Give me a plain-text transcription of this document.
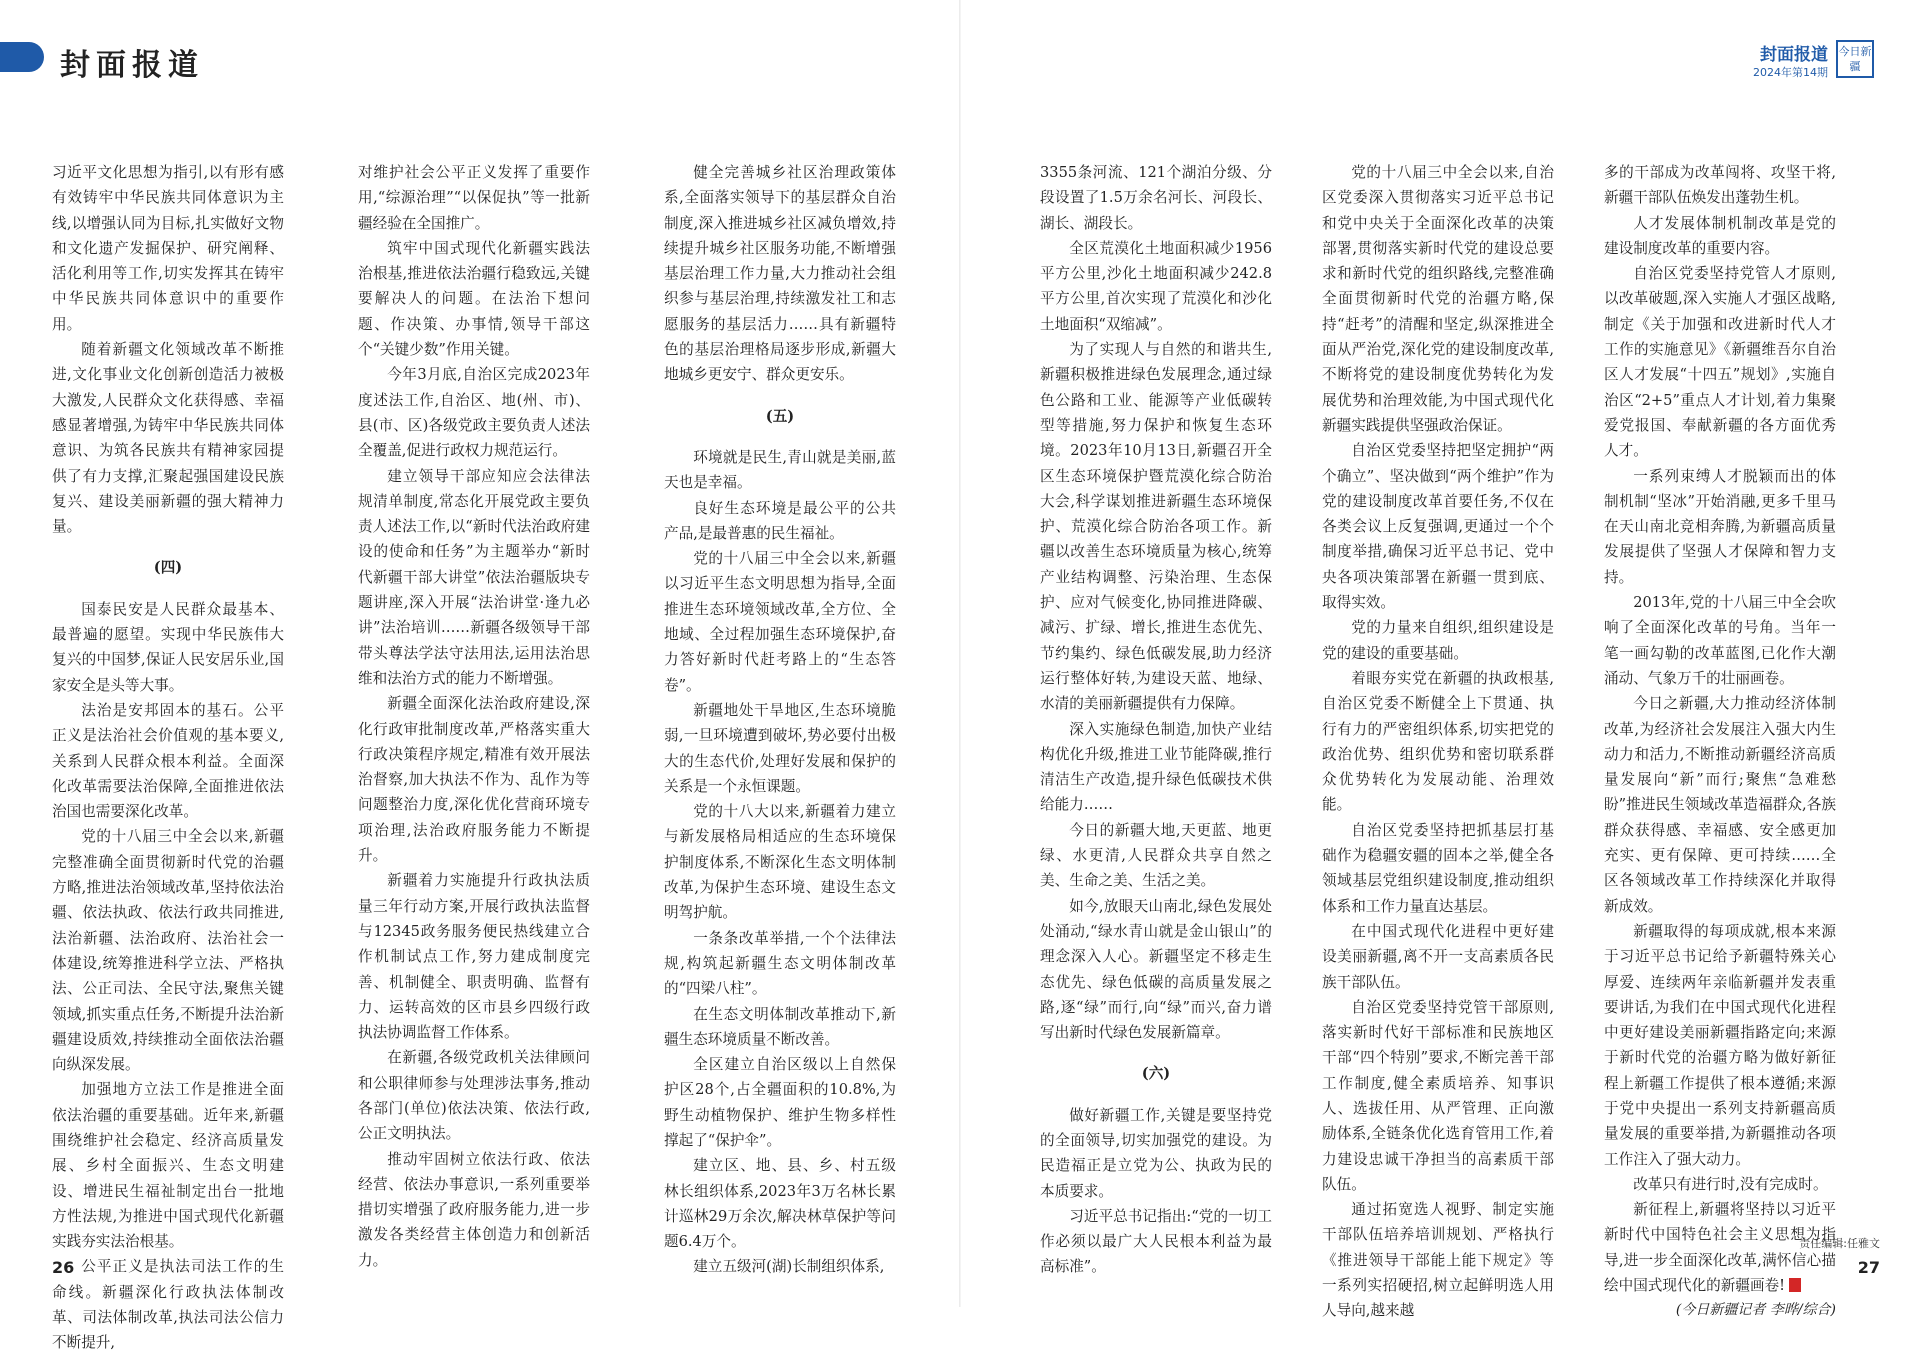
封面报道

习近平文化思想为指引,以有形有感有效铸牢中华民族共同体意识为主线,以增强认同为目标,扎实做好文物和文化遗产发掘保护、研究阐释、活化利用等工作,切实发挥其在铸牢中华民族共同体意识中的重要作用。

随着新疆文化领域改革不断推进,文化事业文化创新创造活力被极大激发,人民群众文化获得感、幸福感显著增强,为铸牢中华民族共同体意识、为筑各民族共有精神家园提供了有力支撑,汇聚起强国建设民族复兴、建设美丽新疆的强大精神力量。

(四)

国泰民安是人民群众最基本、最普遍的愿望。实现中华民族伟大复兴的中国梦,保证人民安居乐业,国家安全是头等大事。

法治是安邦固本的基石。公平正义是法治社会价值观的基本要义,关系到人民群众根本利益。全面深化改革需要法治保障,全面推进依法治国也需要深化改革。

党的十八届三中全会以来,新疆完整准确全面贯彻新时代党的治疆方略,推进法治领域改革,坚持依法治疆、依法执政、依法行政共同推进,法治新疆、法治政府、法治社会一体建设,统筹推进科学立法、严格执法、公正司法、全民守法,聚焦关键领域,抓实重点任务,不断提升法治新疆建设质效,持续推动全面依法治疆向纵深发展。

加强地方立法工作是推进全面依法治疆的重要基础。近年来,新疆围绕维护社会稳定、经济高质量发展、乡村全面振兴、生态文明建设、增进民生福祉制定出台一批地方性法规,为推进中国式现代化新疆实践夯实法治根基。

公平正义是执法司法工作的生命线。新疆深化行政执法体制改革、司法体制改革,执法司法公信力不断提升,

对维护社会公平正义发挥了重要作用,“综源治理”“以保促执”等一批新疆经验在全国推广。

筑牢中国式现代化新疆实践法治根基,推进依法治疆行稳致远,关键要解决人的问题。在法治下想问题、作决策、办事情,领导干部这个“关键少数”作用关键。

今年3月底,自治区完成2023年度述法工作,自治区、地(州、市)、县(市、区)各级党政主要负责人述法全覆盖,促进行政权力规范运行。

建立领导干部应知应会法律法规清单制度,常态化开展党政主要负责人述法工作,以“新时代法治政府建设的使命和任务”为主题举办“新时代新疆干部大讲堂”依法治疆版块专题讲座,深入开展“法治讲堂·逢九必讲”法治培训……新疆各级领导干部带头尊法学法守法用法,运用法治思维和法治方式的能力不断增强。

新疆全面深化法治政府建设,深化行政审批制度改革,严格落实重大行政决策程序规定,精准有效开展法治督察,加大执法不作为、乱作为等问题整治力度,深化优化营商环境专项治理,法治政府服务能力不断提升。

新疆着力实施提升行政执法质量三年行动方案,开展行政执法监督与12345政务服务便民热线建立合作机制试点工作,努力建成制度完善、机制健全、职责明确、监督有力、运转高效的区市县乡四级行政执法协调监督工作体系。

在新疆,各级党政机关法律顾问和公职律师参与处理涉法事务,推动各部门(单位)依法决策、依法行政,公正文明执法。

推动牢固树立依法行政、依法经营、依法办事意识,一系列重要举措切实增强了政府服务能力,进一步激发各类经营主体创造力和创新活力。

健全完善城乡社区治理政策体系,全面落实领导下的基层群众自治制度,深入推进城乡社区减负增效,持续提升城乡社区服务功能,不断增强基层治理工作力量,大力推动社会组织参与基层治理,持续激发社工和志愿服务的基层活力……具有新疆特色的基层治理格局逐步形成,新疆大地城乡更安宁、群众更安乐。

(五)

环境就是民生,青山就是美丽,蓝天也是幸福。

良好生态环境是最公平的公共产品,是最普惠的民生福祉。

党的十八届三中全会以来,新疆以习近平生态文明思想为指导,全面推进生态环境领域改革,全方位、全地域、全过程加强生态环境保护,奋力答好新时代赶考路上的“生态答卷”。

新疆地处干旱地区,生态环境脆弱,一旦环境遭到破坏,势必要付出极大的生态代价,处理好发展和保护的关系是一个永恒课题。

党的十八大以来,新疆着力建立与新发展格局相适应的生态环境保护制度体系,不断深化生态文明体制改革,为保护生态环境、建设生态文明驾护航。

一条条改革举措,一个个法律法规,构筑起新疆生态文明体制改革的“四梁八柱”。

在生态文明体制改革推动下,新疆生态环境质量不断改善。

全区建立自治区级以上自然保护区28个,占全疆面积的10.8%,为野生动植物保护、维护生物多样性撑起了“保护伞”。

建立区、地、县、乡、村五级林长组织体系,2023年3万名林长累计巡林29万余次,解决林草保护等问题6.4万个。

建立五级河(湖)长制组织体系,

26
封面报道
2024年第14期
今日新疆

3355条河流、121个湖泊分级、分段设置了1.5万余名河长、河段长、湖长、湖段长。

全区荒漠化土地面积减少1956平方公里,沙化土地面积减少242.8平方公里,首次实现了荒漠化和沙化土地面积“双缩减”。

为了实现人与自然的和谐共生,新疆积极推进绿色发展理念,通过绿色公路和工业、能源等产业低碳转型等措施,努力保护和恢复生态环境。2023年10月13日,新疆召开全区生态环境保护暨荒漠化综合防治大会,科学谋划推进新疆生态环境保护、荒漠化综合防治各项工作。新疆以改善生态环境质量为核心,统筹产业结构调整、污染治理、生态保护、应对气候变化,协同推进降碳、减污、扩绿、增长,推进生态优先、节约集约、绿色低碳发展,助力经济运行整体好转,为建设天蓝、地绿、水清的美丽新疆提供有力保障。

深入实施绿色制造,加快产业结构优化升级,推进工业节能降碳,推行清洁生产改造,提升绿色低碳技术供给能力……

今日的新疆大地,天更蓝、地更绿、水更清,人民群众共享自然之美、生命之美、生活之美。

如今,放眼天山南北,绿色发展处处涌动,“绿水青山就是金山银山”的理念深入人心。新疆坚定不移走生态优先、绿色低碳的高质量发展之路,逐“绿”而行,向“绿”而兴,奋力谱写出新时代绿色发展新篇章。

(六)

做好新疆工作,关键是要坚持党的全面领导,切实加强党的建设。为民造福正是立党为公、执政为民的本质要求。

习近平总书记指出:“党的一切工作必须以最广大人民根本利益为最高标准”。

党的十八届三中全会以来,自治区党委深入贯彻落实习近平总书记和党中央关于全面深化改革的决策部署,贯彻落实新时代党的建设总要求和新时代党的组织路线,完整准确全面贯彻新时代党的治疆方略,保持“赶考”的清醒和坚定,纵深推进全面从严治党,深化党的建设制度改革,不断将党的建设制度优势转化为发展优势和治理效能,为中国式现代化新疆实践提供坚强政治保证。

自治区党委坚持把坚定拥护“两个确立”、坚决做到“两个维护”作为党的建设制度改革首要任务,不仅在各类会议上反复强调,更通过一个个制度举措,确保习近平总书记、党中央各项决策部署在新疆一贯到底、取得实效。

党的力量来自组织,组织建设是党的建设的重要基础。

着眼夯实党在新疆的执政根基,自治区党委不断健全上下贯通、执行有力的严密组织体系,切实把党的政治优势、组织优势和密切联系群众优势转化为发展动能、治理效能。

自治区党委坚持把抓基层打基础作为稳疆安疆的固本之举,健全各领域基层党组织建设制度,推动组织体系和工作力量直达基层。

在中国式现代化进程中更好建设美丽新疆,离不开一支高素质各民族干部队伍。

自治区党委坚持党管干部原则,落实新时代好干部标准和民族地区干部“四个特别”要求,不断完善干部工作制度,健全素质培养、知事识人、选拔任用、从严管理、正向激励体系,全链条优化选育管用工作,着力建设忠诚干净担当的高素质干部队伍。

通过拓宽选人视野、制定实施干部队伍培养培训规划、严格执行《推进领导干部能上能下规定》等一系列实招硬招,树立起鲜明选人用人导向,越来越

多的干部成为改革闯将、攻坚干将,新疆干部队伍焕发出蓬勃生机。

人才发展体制机制改革是党的建设制度改革的重要内容。

自治区党委坚持党管人才原则,以改革破题,深入实施人才强区战略,制定《关于加强和改进新时代人才工作的实施意见》《新疆维吾尔自治区人才发展“十四五”规划》,实施自治区“2+5”重点人才计划,着力集聚爱党报国、奉献新疆的各方面优秀人才。

一系列束缚人才脱颖而出的体制机制“坚冰”开始消融,更多千里马在天山南北竞相奔腾,为新疆高质量发展提供了坚强人才保障和智力支持。

2013年,党的十八届三中全会吹响了全面深化改革的号角。当年一笔一画勾勒的改革蓝图,已化作大潮涌动、气象万千的壮丽画卷。

今日之新疆,大力推动经济体制改革,为经济社会发展注入强大内生动力和活力,不断推动新疆经济高质量发展向“新”而行;聚焦“急难愁盼”推进民生领域改革造福群众,各族群众获得感、幸福感、安全感更加充实、更有保障、更可持续……全区各领域改革工作持续深化并取得新成效。

新疆取得的每项成就,根本来源于习近平总书记给予新疆特殊关心厚爱、连续两年亲临新疆并发表重要讲话,为我们在中国式现代化进程中更好建设美丽新疆指路定向;来源于新时代党的治疆方略为做好新征程上新疆工作提供了根本遵循;来源于党中央提出一系列支持新疆高质量发展的重要举措,为新疆推动各项工作注入了强大动力。

改革只有进行时,没有完成时。

新征程上,新疆将坚持以习近平新时代中国特色社会主义思想为指导,进一步全面深化改革,满怀信心描绘中国式现代化的新疆画卷!

(今日新疆记者 李晔/综合)

责任编辑:任雅文
27
